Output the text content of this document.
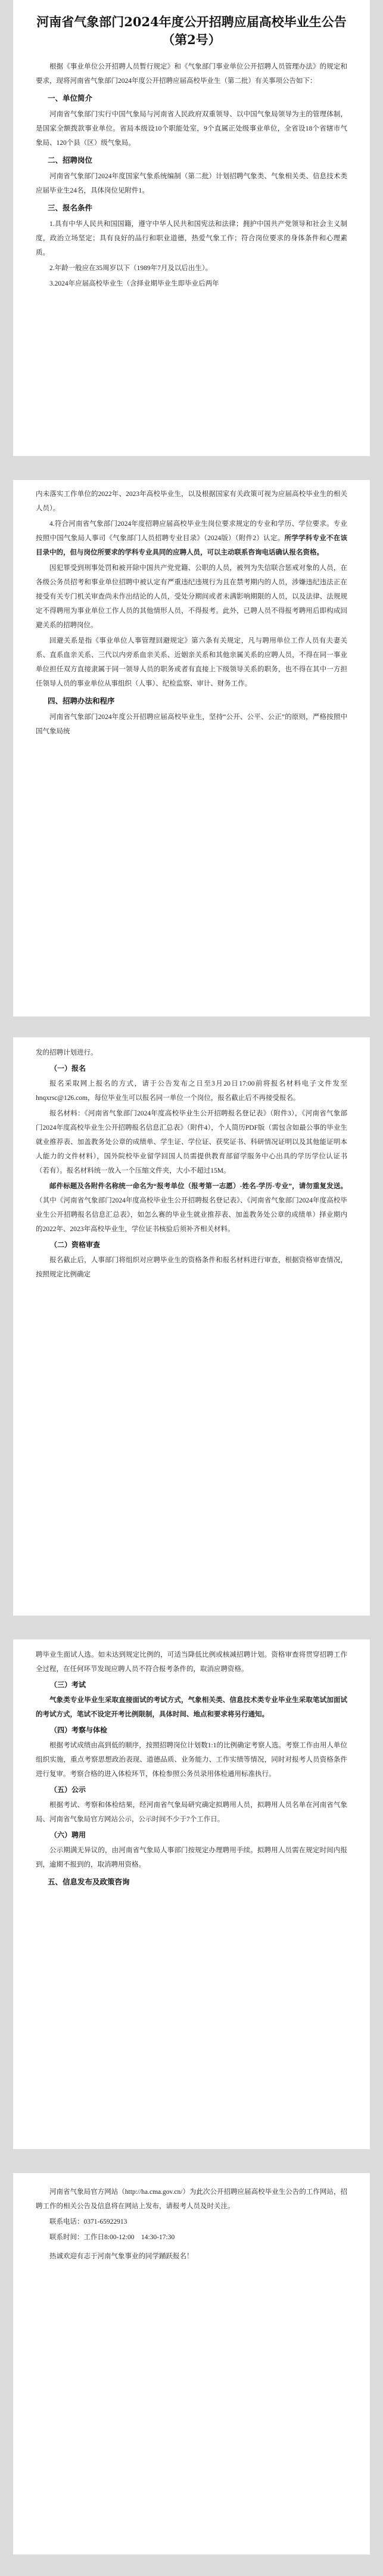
河南省气象部门2024年度公开招聘应届高校毕业生公告（第2号）

根据《事业单位公开招聘人员暂行规定》和《气象部门事业单位公开招聘人员管理办法》的规定和要求，现将河南省气象部门2024年度公开招聘应届高校毕业生（第二批）有关事项公告如下：

一、单位简介

河南省气象部门实行中国气象局与河南省人民政府双重领导、以中国气象局领导为主的管理体制，是国家全额拨款事业单位。省局本级设10个职能处室，9个直属正处级事业单位，全省设18个省辖市气象局、120个县（区）级气象局。

二、招聘岗位

河南省气象部门2024年度国家气象系统编制（第二批）计划招聘气象类、气象相关类、信息技术类应届毕业生24名，具体岗位见附件1。

三、报名条件

1.具有中华人民共和国国籍，遵守中华人民共和国宪法和法律；拥护中国共产党领导和社会主义制度，政治立场坚定；具有良好的品行和职业道德，热爱气象工作；符合岗位要求的身体条件和心理素质。

2.年龄一般应在35周岁以下（1989年7月及以后出生）。

3.2024年应届高校毕业生（含择业期毕业生即毕业后两年

内未落实工作单位的2022年、2023年高校毕业生，以及根据国家有关政策可视为应届高校毕业生的相关人员）。

4.符合河南省气象部门2024年度招聘应届高校毕业生岗位要求规定的专业和学历、学位要求。专业按照中国气象局人事司《气象部门人员招聘专业目录》（2024版）（附件2）认定。所学学科专业不在该目录中的，但与岗位所要求的学科专业具同的应聘人员，可以主动联系咨询电话确认报名资格。

因犯罪受到刑事处罚和被开除中国共产党党籍、公职的人员，被列为失信联合惩戒对象的人员，在各级公务员招考和事业单位招聘中被认定有严重违纪违规行为且在禁考期内的人员，涉嫌违纪违法正在接受有关专门机关审查尚未作出结论的人员，受处分期间或者未满影响期限的人员，以及法律、法规规定不得聘用为事业单位工作人员的其他情形人员，不得报考。此外，已聘人员不得报考聘用后即构成回避关系的招聘岗位。

回避关系是指《事业单位人事管理回避规定》第六条有关规定，凡与聘用单位工作人员有夫妻关系、直系血亲关系、三代以内旁系血亲关系、近姻亲关系和其他亲属关系的应聘人员，不得在同一事业单位担任双方直接隶属于同一领导人员的职务或者有直接上下级领导关系的职务，也不得在其中一方担任领导人员的事业单位从事组织（人事）、纪检监察、审计、财务工作。

四、招聘办法和程序

河南省气象部门2024年度公开招聘应届高校毕业生，坚持“公开、公平、公正”的原则，严格按照中国气象局统

发的招聘计划进行。

（一）报名

报名采取网上报名的方式，请于公告发布之日至3月20日17:00前将报名材料电子文件发至hnqxrsc@126.com，每位毕业生可以报名同一单位一个岗位，报名截止后不再接受报名。

报名材料：《河南省气象部门2024年度高校毕业生公开招聘报名登记表》（附件3），《河南省气象部门2024年度高校毕业生公开招聘报名信息汇总表》（附件4），个人简历PDF版（需包含如最公事的毕业生就业推荐表、加盖教务处公章的成绩单、学生证、学位证、获奖证书、科研情况证明以及其他能证明本人能力的文件材料），国外院校毕业留学回国人员需提供教育部留学服务中心出具的学历学位认证书（若有）。报名材料统一放入一个压缩文件夹，大小不超过15M。

邮件标题及各附件名称统一命名为“报考单位（报考第一志愿）-姓名-学历-专业”，请勿重复发送。（其中《河南省气象部门2024年度高校毕业生公开招聘报名登记表》、《河南省气象部门2024年度高校毕业生公开招聘报名信息汇总表》，如怎么赛的毕业生就业推荐表、加盖教务处公章的成绩单）择业期内的2022年、2023年高校毕业生，学位证书核验后须补齐相关材料。

（二）资格审查

报名截止后，人事部门将组织对应聘毕业生的资格条件和报名材料进行审查，根据资格审查情况，按照规定比例确定

聘毕业生面试人选。如未达到规定比例的，可适当降低比例或核减招聘计划。资格审查将贯穿招聘工作全过程，在任何环节发现应聘人员不符合报考条件的，取消应聘资格。

（三）考试

气象类专业毕业生采取直接面试的考试方式，气象相关类、信息技术类专业毕业生采取笔试加面试的考试方式，笔试不设定开考比例限制，具体时间、地点和要求将另行通知。

（四）考察与体检

根据考试成绩由高到低的顺序，按照招聘岗位计划数1:1的比例确定考察人选。考察工作由用人单位组织实施，重点考察思想政治表现、道德品质、业务能力、工作实绩等情况，同时对报考人员资格条件进行复审。考察合格的进入体检环节，体检参照公务员录用体检通用标准执行。

（五）公示

根据考试、考察和体检结果，经河南省气象局研究确定拟聘用人员，拟聘用人员名单在河南省气象局、河南省气象局官方网站公示，公示时间不少于7个工作日。

（六）聘用

公示期满无异议的，由河南省气象局人事部门按规定办理聘用手续。拟聘用人员需在规定时间内报到，逾期不报到的，取消聘用资格。

五、信息发布及政策咨询

河南省气象局官方网站（http://ha.cma.gov.cn/）为此次公开招聘应届高校毕业生公告的工作网站，招聘工作的相关公告及信息将在网站上发布，请报考人员及时关注。

联系电话：0371-65922913

联系时间：工作日8:00-12:00　14:30-17:30

热诚欢迎有志于河南气象事业的同学踊跃报名！
